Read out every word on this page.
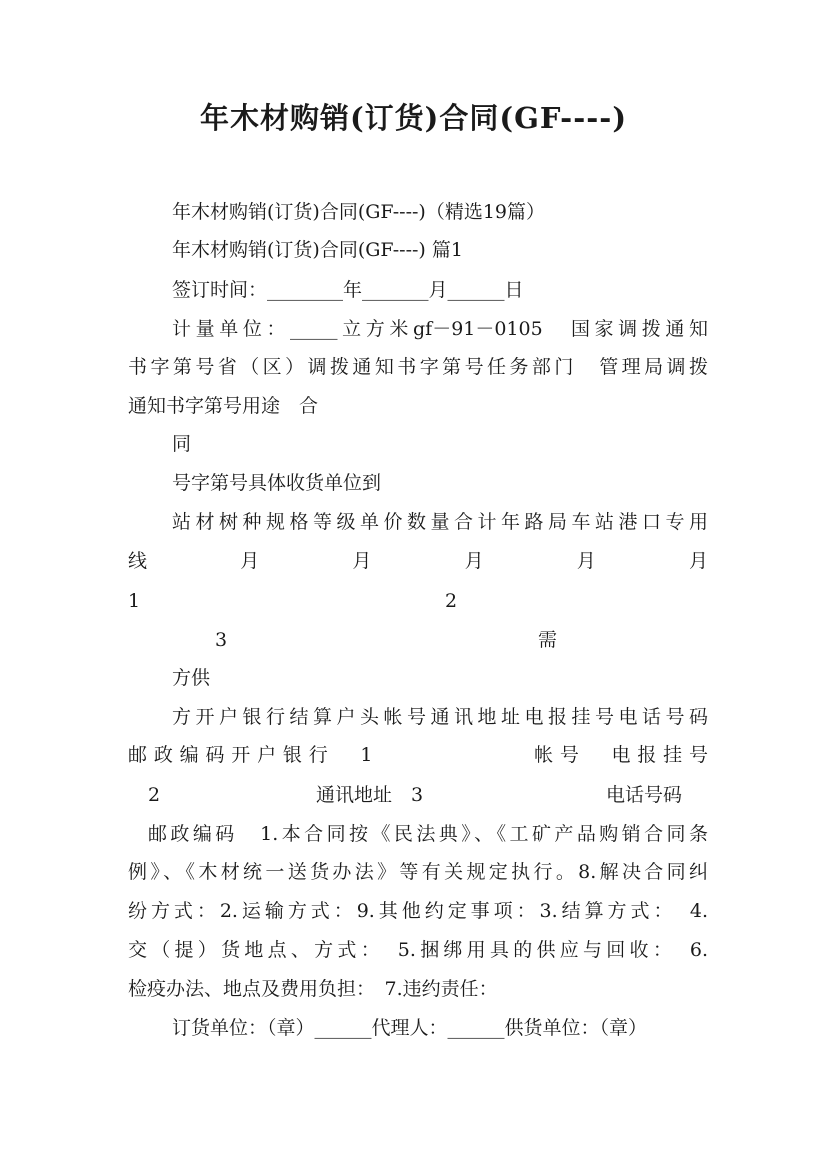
年木材购销(订货)合同(GF----)
年木材购销(订货)合同(GF----)（精选19篇）
年木材购销(订货)合同(GF----) 篇1
签订时间：________年_______月______日
计量单位：_____立方米gf－91－0105　国家调拨通知
书字第号省（区）调拨通知书字第号任务部门　管理局调拨
通知书字第号用途　合
同
号字第号具体收货单位到
站材树种规格等级单价数量合计年路局车站港口专用
线　　　　月　　　　月　　　　月　　　　月　　　　月
1	2
3	需
方供
方开户银行结算户头帐号通讯地址电报挂号电话号码
邮政编码开户银行　1　　　　　　帐号　电报挂号
2	通讯地址　3	电话号码
邮政编码　1.本合同按《民法典》、《工矿产品购销合同条
例》、《木材统一送货办法》等有关规定执行。8.解决合同纠
纷方式：2.运输方式：9.其他约定事项：3.结算方式：　4.
交（提）货地点、方式：　5.捆绑用具的供应与回收：　6.
检疫办法、地点及费用负担：　7.违约责任：
订货单位：（章）______代理人：______供货单位：（章）
